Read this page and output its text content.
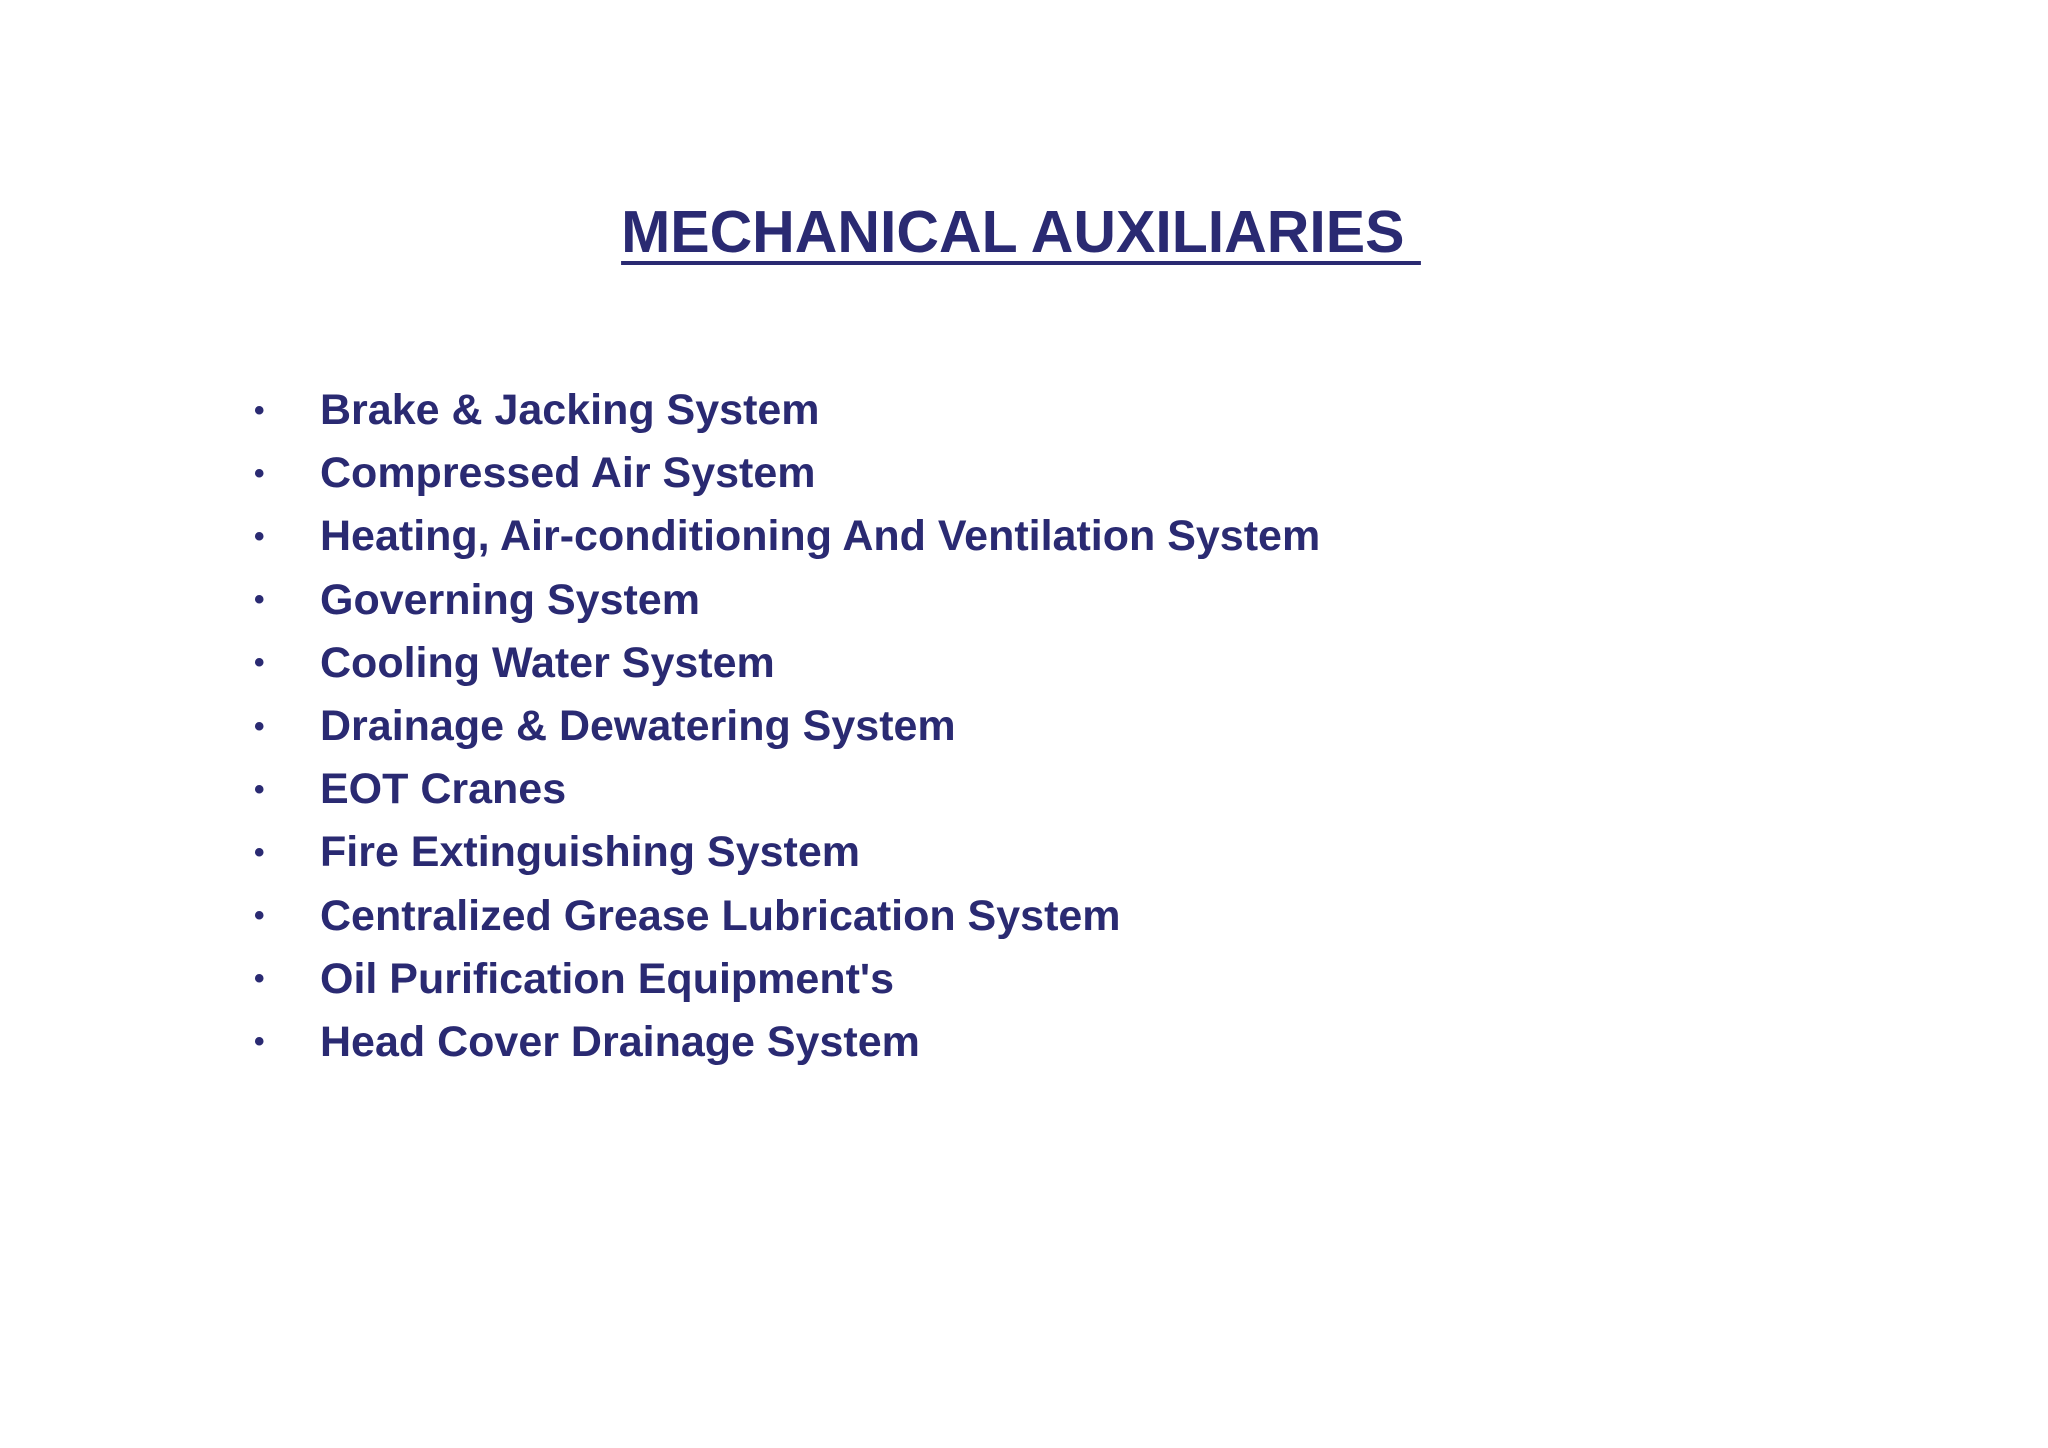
MECHANICAL AUXILIARIES
•	Brake & Jacking System
•	Compressed Air System
•	Heating, Air-conditioning And Ventilation System
•	Governing System
•	Cooling Water System
•	Drainage & Dewatering System
•	EOT Cranes
•	Fire Extinguishing System
•	Centralized Grease Lubrication System
•	Oil Purification Equipment's
•	Head Cover Drainage System
